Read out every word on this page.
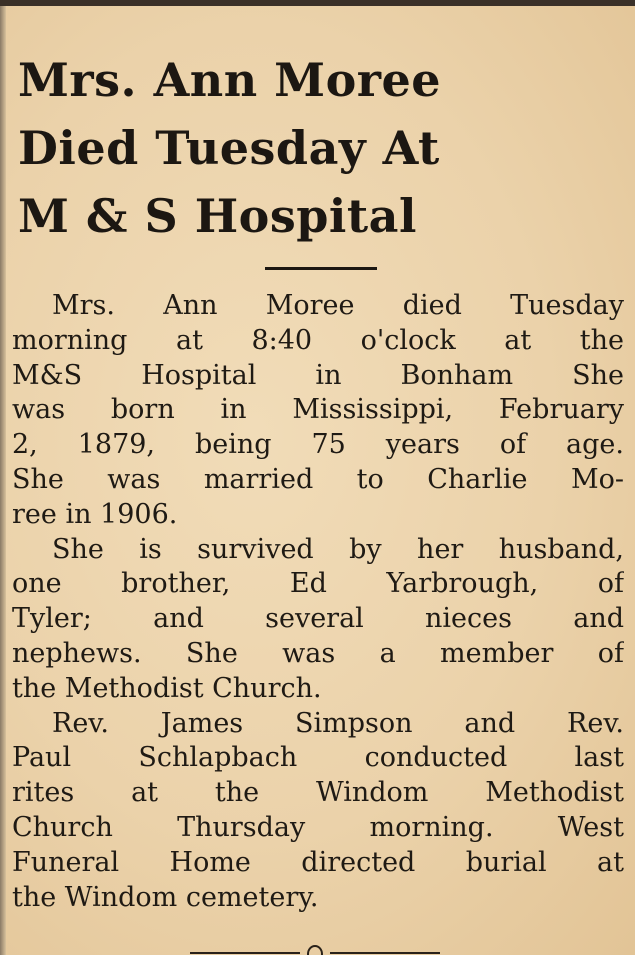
Mrs. Ann Moree
Died Tuesday At
M & S Hospital

Mrs. Ann Moree died Tuesday
morning at 8:40 o'clock at the
M&S Hospital in Bonham She
was born in Mississippi, February
2, 1879, being 75 years of age.
She was married to Charlie Mo-
ree in 1906.

She is survived by her husband,
one brother, Ed Yarbrough, of
Tyler; and several nieces and
nephews. She was a member of
the Methodist Church.

Rev. James Simpson and Rev.
Paul Schlapbach conducted last
rites at the Windom Methodist
Church Thursday morning. West
Funeral Home directed burial at
the Windom cemetery.
